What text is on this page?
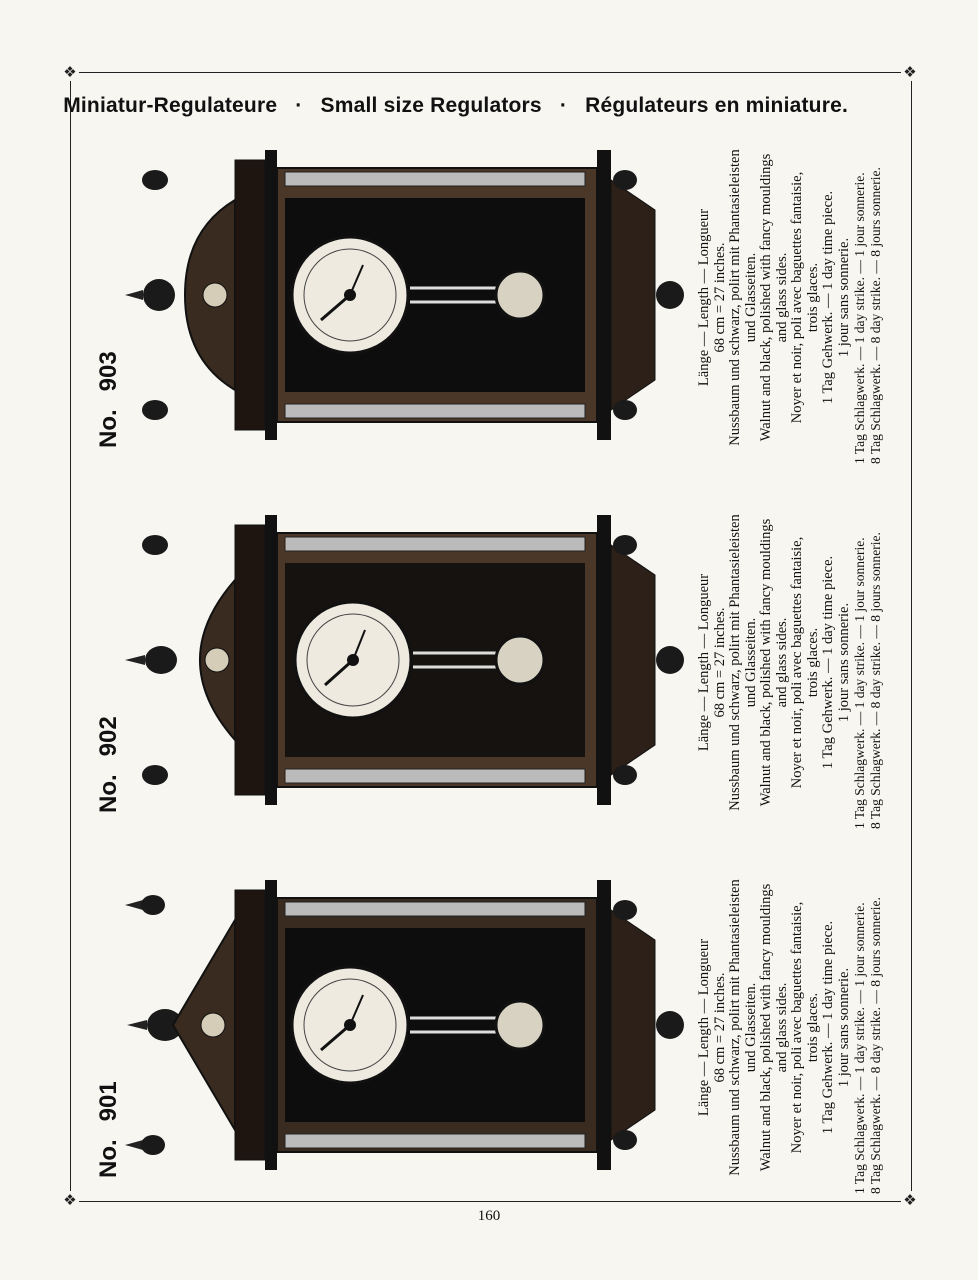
❖	❖
❖	❖
Miniatur-Regulateure · Small size Regulators · Régulateurs en miniature.
No.901	Länge — Length — Longueur 68 cm = 27 inches. Nussbaum und schwarz, polirt mit Phantasieleisten und Glasseiten. Walnut and black, polished with fancy mouldings and glass sides. Noyer et noir, poli avec baguettes fantaisie, trois glaces. 1 Tag Gehwerk. — 1 day time piece. 1 jour sans sonnerie. 1 Tag Schlagwerk. — 1 day strike. — 1 jour sonnerie. 8 Tag Schlagwerk. — 8 day strike. — 8 jours sonnerie.
No.902	Länge — Length — Longueur 68 cm = 27 inches. Nussbaum und schwarz, polirt mit Phantasieleisten und Glasseiten. Walnut and black, polished with fancy mouldings and glass sides. Noyer et noir, poli avec baguettes fantaisie, trois glaces. 1 Tag Gehwerk. — 1 day time piece. 1 jour sans sonnerie. 1 Tag Schlagwerk. — 1 day strike. — 1 jour sonnerie. 8 Tag Schlagwerk. — 8 day strike. — 8 jours sonnerie.
No.903	Länge — Length — Longueur 68 cm = 27 inches. Nussbaum und schwarz, polirt mit Phantasieleisten und Glasseiten. Walnut and black, polished with fancy mouldings and glass sides. Noyer et noir, poli avec baguettes fantaisie, trois glaces. 1 Tag Gehwerk. — 1 day time piece. 1 jour sans sonnerie. 1 Tag Schlagwerk. — 1 day strike. — 1 jour sonnerie. 8 Tag Schlagwerk. — 8 day strike. — 8 jours sonnerie.
160
